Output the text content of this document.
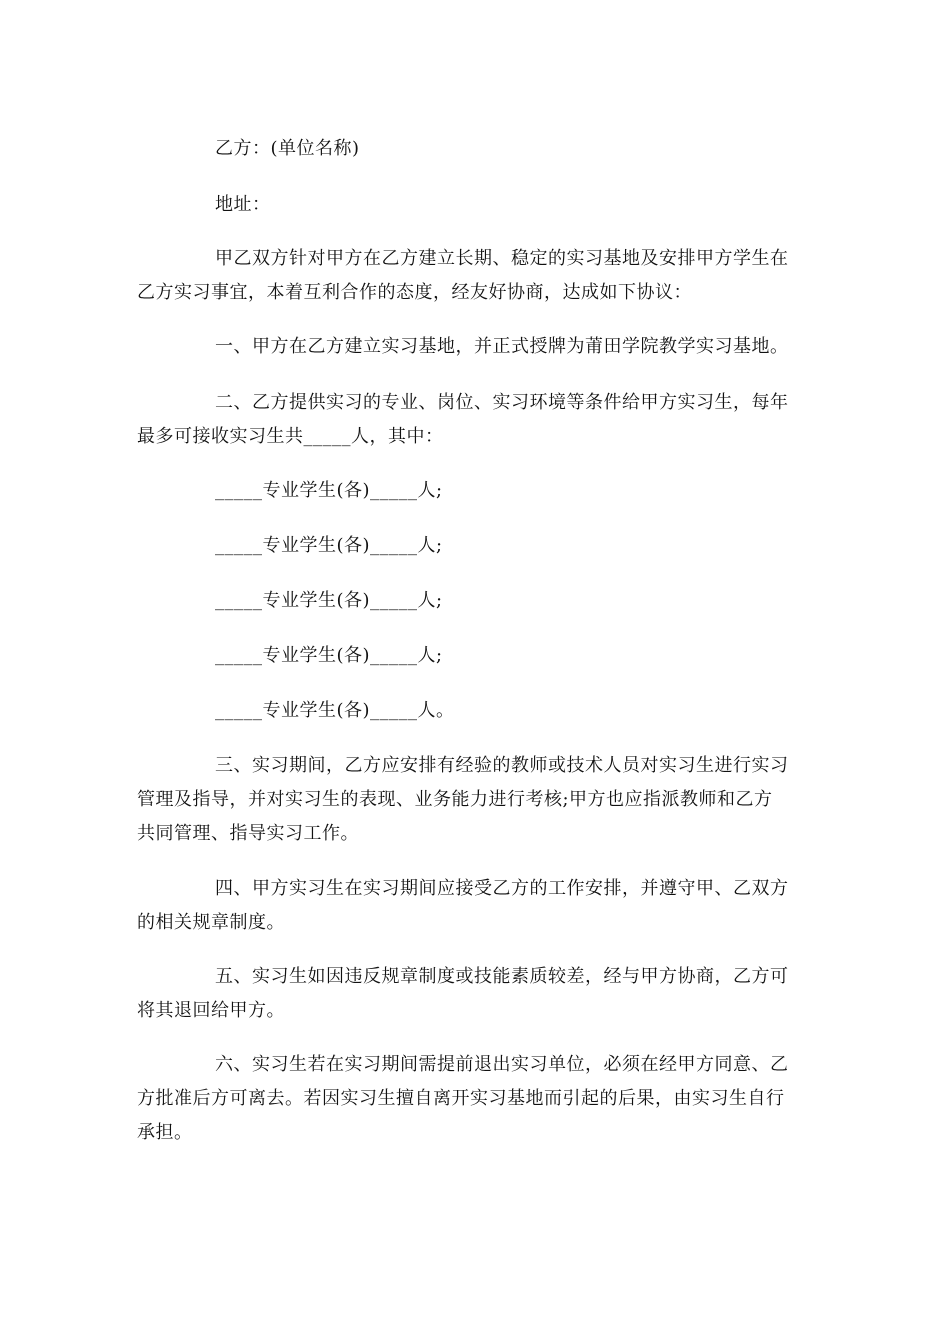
乙方：(单位名称)

地址：

甲乙双方针对甲方在乙方建立长期、稳定的实习基地及安排甲方学生在
乙方实习事宜，本着互利合作的态度，经友好协商，达成如下协议：

一、甲方在乙方建立实习基地，并正式授牌为莆田学院教学实习基地。

二、乙方提供实习的专业、岗位、实习环境等条件给甲方实习生，每年
最多可接收实习生共_____人，其中：

_____专业学生(各)_____人;

_____专业学生(各)_____人;

_____专业学生(各)_____人;

_____专业学生(各)_____人;

_____专业学生(各)_____人。

三、实习期间，乙方应安排有经验的教师或技术人员对实习生进行实习
管理及指导，并对实习生的表现、业务能力进行考核;甲方也应指派教师和乙方
共同管理、指导实习工作。

四、甲方实习生在实习期间应接受乙方的工作安排，并遵守甲、乙双方
的相关规章制度。

五、实习生如因违反规章制度或技能素质较差，经与甲方协商，乙方可
将其退回给甲方。

六、实习生若在实习期间需提前退出实习单位，必须在经甲方同意、乙
方批准后方可离去。若因实习生擅自离开实习基地而引起的后果，由实习生自行
承担。
